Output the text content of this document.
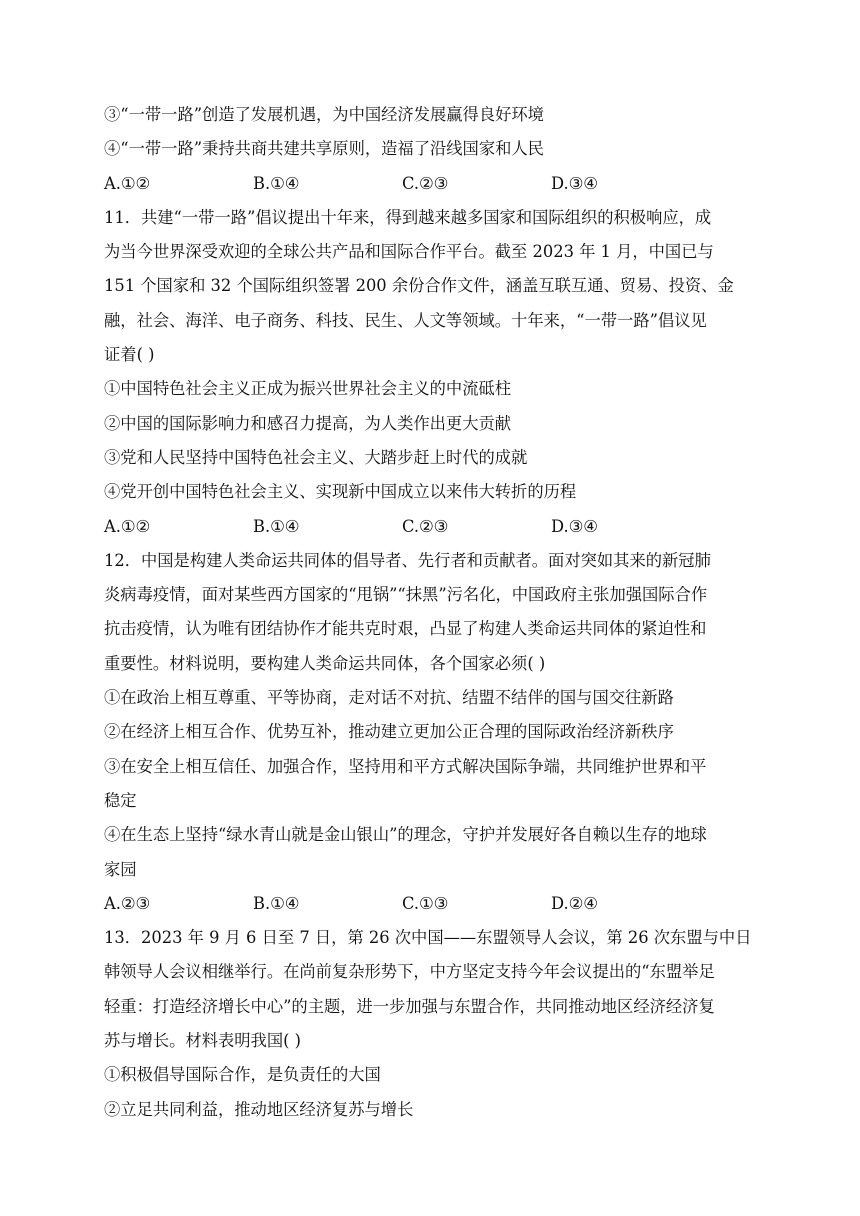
③“一带一路”创造了发展机遇，为中国经济发展赢得良好环境
④“一带一路”秉持共商共建共享原则，造福了沿线国家和人民
A.①②	B.①④	C.②③	D.③④
11．共建“一带一路”倡议提出十年来，得到越来越多国家和国际组织的积极响应，成
为当今世界深受欢迎的全球公共产品和国际合作平台。截至 2023 年 1 月，中国已与
151 个国家和 32 个国际组织签署 200 余份合作文件，涵盖互联互通、贸易、投资、金
融，社会、海洋、电子商务、科技、民生、人文等领域。十年来，“一带一路”倡议见
证着( )
①中国特色社会主义正成为振兴世界社会主义的中流砥柱
②中国的国际影响力和感召力提高，为人类作出更大贡献
③党和人民坚持中国特色社会主义、大踏步赶上时代的成就
④党开创中国特色社会主义、实现新中国成立以来伟大转折的历程
A.①②	B.①④	C.②③	D.③④
12．中国是构建人类命运共同体的倡导者、先行者和贡献者。面对突如其来的新冠肺
炎病毒疫情，面对某些西方国家的“甩锅”“抹黑”污名化，中国政府主张加强国际合作
抗击疫情，认为唯有团结协作才能共克时艰，凸显了构建人类命运共同体的紧迫性和
重要性。材料说明，要构建人类命运共同体，各个国家必须( )
①在政治上相互尊重、平等协商，走对话不对抗、结盟不结伴的国与国交往新路
②在经济上相互合作、优势互补，推动建立更加公正合理的国际政治经济新秩序
③在安全上相互信任、加强合作，坚持用和平方式解决国际争端，共同维护世界和平
稳定
④在生态上坚持“绿水青山就是金山银山”的理念，守护并发展好各自赖以生存的地球
家园
A.②③	B.①④	C.①③	D.②④
13．2023 年 9 月 6 日至 7 日，第 26 次中国——东盟领导人会议，第 26 次东盟与中日
韩领导人会议相继举行。在尚前复杂形势下，中方坚定支持今年会议提出的“东盟举足
轻重：打造经济增长中心”的主题，进一步加强与东盟合作，共同推动地区经济经济复
苏与增长。材料表明我国( )
①积极倡导国际合作，是负责任的大国
②立足共同利益，推动地区经济复苏与增长
